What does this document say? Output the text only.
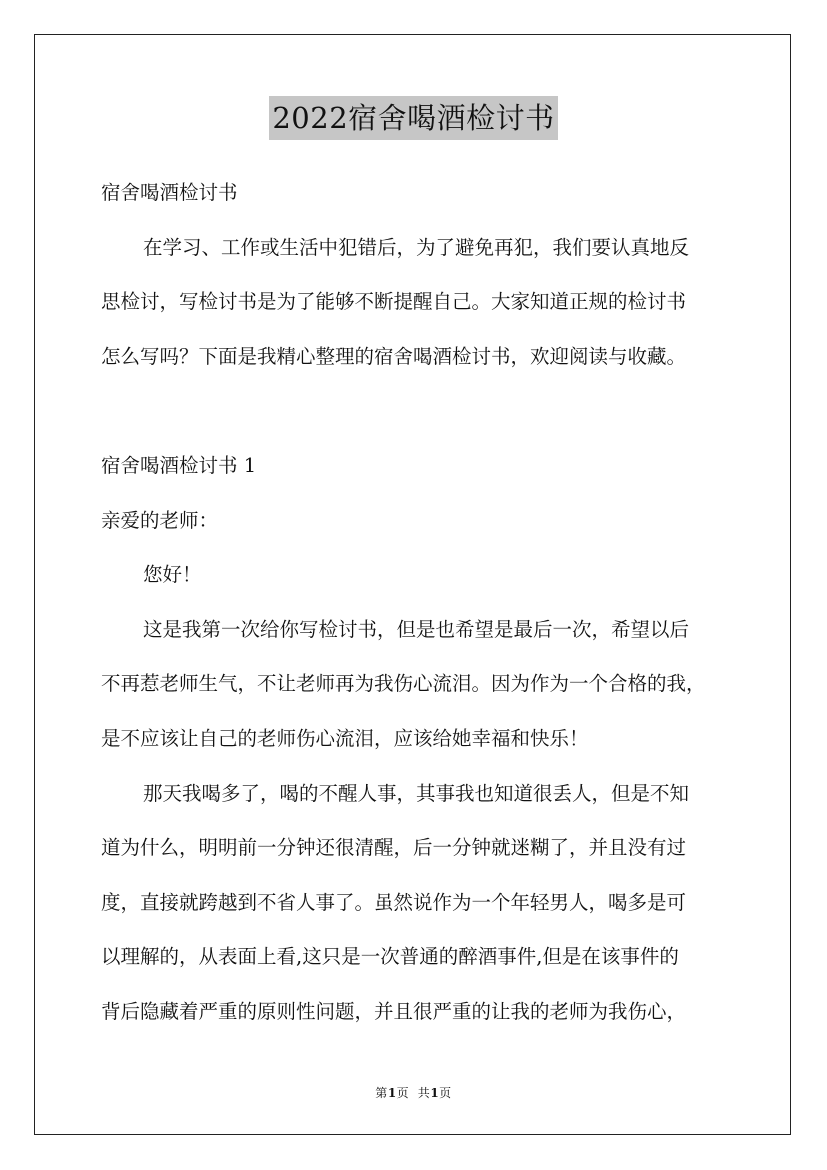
2022宿舍喝酒检讨书
宿舍喝酒检讨书
在学习、工作或生活中犯错后，为了避免再犯，我们要认真地反
思检讨，写检讨书是为了能够不断提醒自己。大家知道正规的检讨书
怎么写吗？下面是我精心整理的宿舍喝酒检讨书，欢迎阅读与收藏。
宿舍喝酒检讨书 1
亲爱的老师：
您好！
这是我第一次给你写检讨书，但是也希望是最后一次，希望以后
不再惹老师生气，不让老师再为我伤心流泪。因为作为一个合格的我，
是不应该让自己的老师伤心流泪，应该给她幸福和快乐！
那天我喝多了，喝的不醒人事，其事我也知道很丢人，但是不知
道为什么，明明前一分钟还很清醒，后一分钟就迷糊了，并且没有过
度，直接就跨越到不省人事了。虽然说作为一个年轻男人，喝多是可
以理解的，从表面上看,这只是一次普通的醉酒事件,但是在该事件的
背后隐藏着严重的原则性问题，并且很严重的让我的老师为我伤心，
第1页  共1页
